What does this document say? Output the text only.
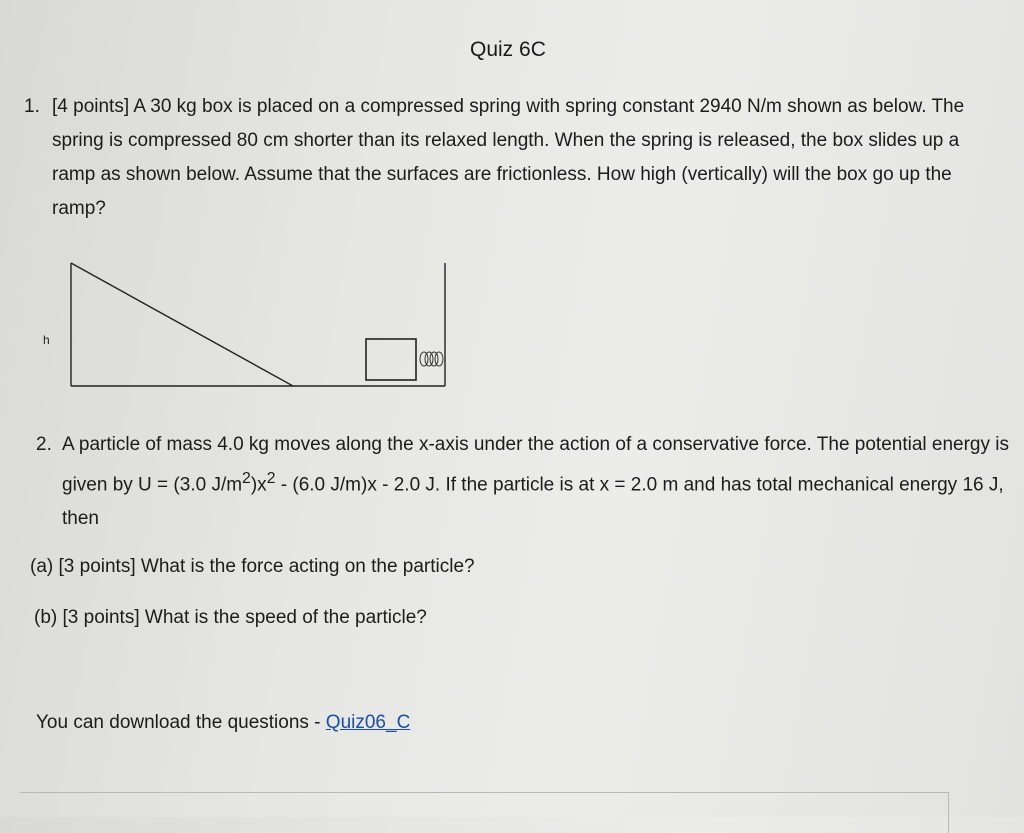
Quiz 6C
1. [4 points] A 30 kg box is placed on a compressed spring with spring constant 2940 N/m shown as below. The spring is compressed 80 cm shorter than its relaxed length. When the spring is released, the box slides up a ramp as shown below. Assume that the surfaces are frictionless. How high (vertically) will the box go up the ramp?
h
2. A particle of mass 4.0 kg moves along the x-axis under the action of a conservative force. The potential energy is given by U = (3.0 $J/m^2)x^2 - (6.0$ J/m)x - 2.0 J. If the particle is at x = 2.0 m and has total mechanical energy 16 J, then
(a) [3 points] What is the force acting on the particle?
(b) [3 points] What is the speed of the particle?
You can download the questions - Quiz06_C
